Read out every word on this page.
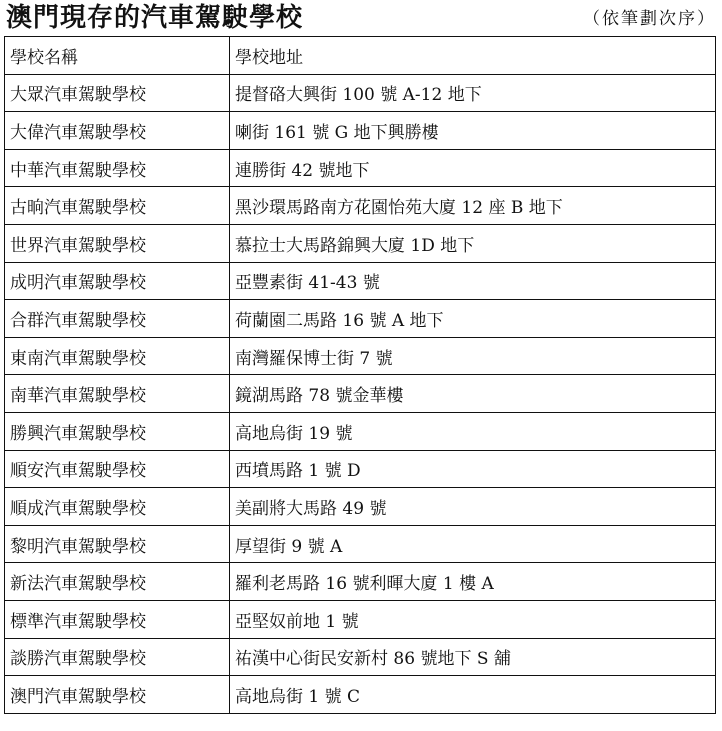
澳門現存的汽車駕駛學校	（依筆劃次序）
學校名稱	學校地址
大眾汽車駕駛學校	提督硌大興街 100 號 A-12 地下
大偉汽車駕駛學校	喇街 161 號 G 地下興勝樓
中華汽車駕駛學校	連勝街 42 號地下
古晌汽車駕駛學校	黑沙環馬路南方花園怡苑大廈 12 座 B 地下
世界汽車駕駛學校	慕拉士大馬路錦興大廈 1D 地下
成明汽車駕駛學校	亞豐素街 41-43 號
合群汽車駕駛學校	荷蘭園二馬路 16 號 A 地下
東南汽車駕駛學校	南灣羅保博士街 7 號
南華汽車駕駛學校	鏡湖馬路 78 號金華樓
勝興汽車駕駛學校	高地烏街 19 號
順安汽車駕駛學校	西墳馬路 1 號 D
順成汽車駕駛學校	美副將大馬路 49 號
黎明汽車駕駛學校	厚望街 9 號 A
新法汽車駕駛學校	羅利老馬路 16 號利暉大廈 1 樓 A
標準汽車駕駛學校	亞堅奴前地 1 號
談勝汽車駕駛學校	祐漢中心街民安新村 86 號地下 S 舖
澳門汽車駕駛學校	高地烏街 1 號 C
